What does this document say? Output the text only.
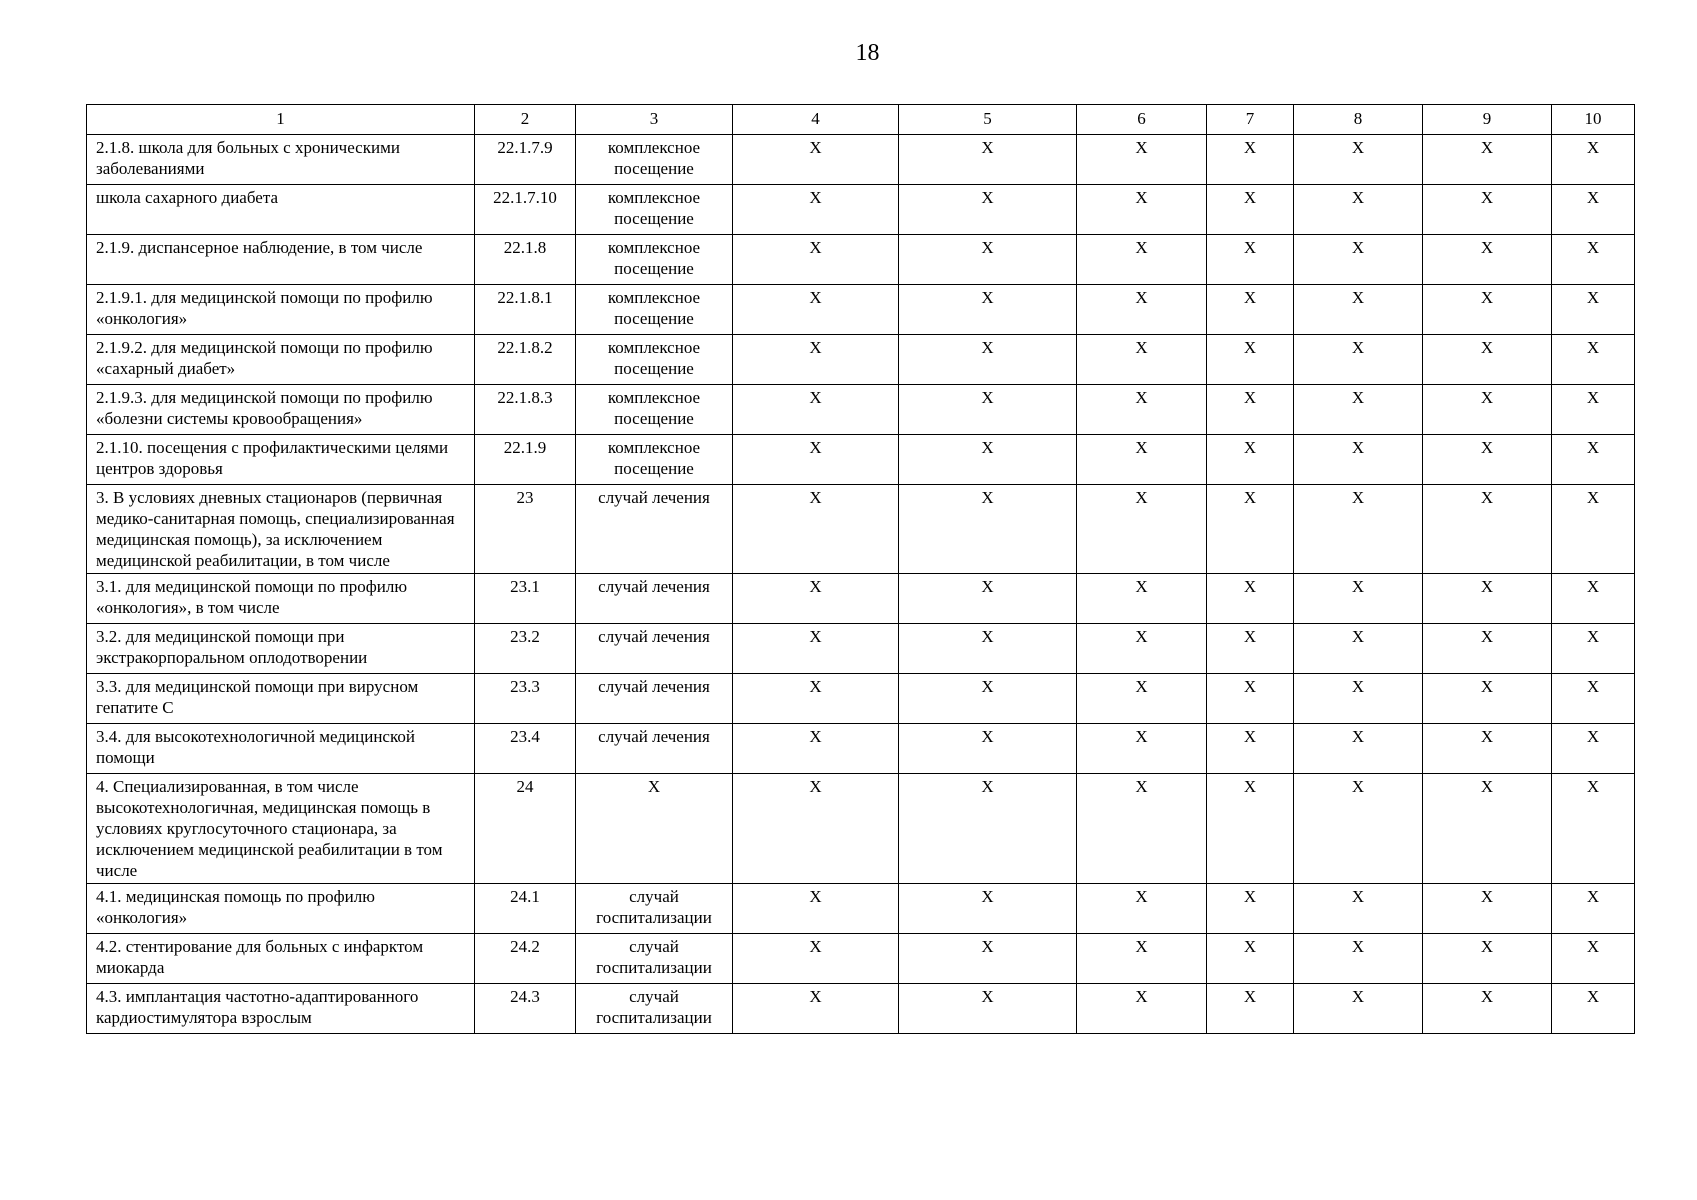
18
1	2	3	4	5	6	7	8	9	10
2.1.8. школа для больных с хроническими заболеваниями	22.1.7.9	комплексное посещение	Х	Х	Х	Х	Х	Х	Х
школа сахарного диабета	22.1.7.10	комплексное посещение	Х	Х	Х	Х	Х	Х	Х
2.1.9. диспансерное наблюдение, в том числе	22.1.8	комплексное посещение	Х	Х	Х	Х	Х	Х	Х
2.1.9.1. для медицинской помощи по профилю «онкология»	22.1.8.1	комплексное посещение	Х	Х	Х	Х	Х	Х	Х
2.1.9.2. для медицинской помощи по профилю «сахарный диабет»	22.1.8.2	комплексное посещение	Х	Х	Х	Х	Х	Х	Х
2.1.9.3. для медицинской помощи по профилю «болезни системы кровообращения»	22.1.8.3	комплексное посещение	Х	Х	Х	Х	Х	Х	Х
2.1.10. посещения с профилактическими целями центров здоровья	22.1.9	комплексное посещение	Х	Х	Х	Х	Х	Х	Х
3. В условиях дневных стационаров (первичная медико-санитарная помощь, специализированная медицинская помощь), за исключением медицинской реабилитации, в том числе	23	случай лечения	Х	Х	Х	Х	Х	Х	Х
3.1. для медицинской помощи по профилю «онкология», в том числе	23.1	случай лечения	Х	Х	Х	Х	Х	Х	Х
3.2. для медицинской помощи при экстракорпоральном оплодотворении	23.2	случай лечения	Х	Х	Х	Х	Х	Х	Х
3.3. для медицинской помощи при вирусном гепатите С	23.3	случай лечения	Х	Х	Х	Х	Х	Х	Х
3.4. для высокотехнологичной медицинской помощи	23.4	случай лечения	Х	Х	Х	Х	Х	Х	Х
4. Специализированная, в том числе высокотехнологичная, медицинская помощь в условиях круглосуточного стационара, за исключением медицинской реабилитации в том числе	24	Х	Х	Х	Х	Х	Х	Х	Х
4.1. медицинская помощь по профилю «онкология»	24.1	случай госпитализации	Х	Х	Х	Х	Х	Х	Х
4.2. стентирование для больных с инфарктом миокарда	24.2	случай госпитализации	Х	Х	Х	Х	Х	Х	Х
4.3. имплантация частотно-адаптированного кардиостимулятора взрослым	24.3	случай госпитализации	Х	Х	Х	Х	Х	Х	Х
